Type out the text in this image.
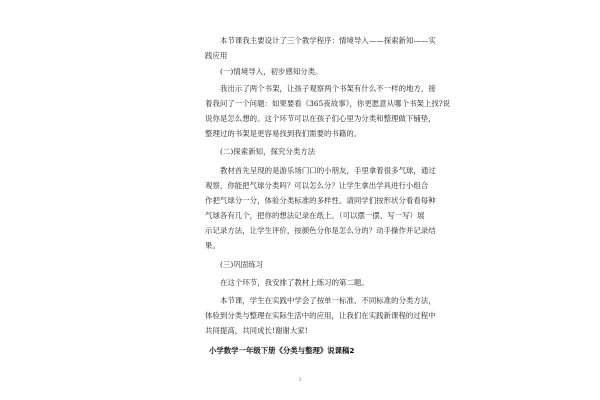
本节课我主要设计了三个教学程序：情境导入——探索新知——实
践应用
(一)情境导入，初步感知分类。
我出示了两个书架，让孩子观察两个书架有什么不一样的地方，接
着我问了一个问题：如果要看《365夜故事》，你更愿意从哪个书架上找?说
说你是怎么想的。这个环节可以在孩子们心里为分类和整理做下铺垫，
整理过的书架是更容易找到我们需要的书籍的。
(二)探索新知，探究分类方法
教材首先呈现的是游乐场门口的小朋友，手里拿着很多气球，通过
观察，你能把气球分类吗？可以怎么分？让学生拿出学具进行小组合
作把气球分一分，体验分类标准的多样性。请同学们按形状分看看每种
气球各有几个，把你的想法记录在纸上。（可以摆一摆、写一写）展
示记录方法，让学生评价，按颜色分你是怎么分的？动手操作并记录结
果。
(三)巩固练习
在这个环节，我安排了教材上练习的第二题。
本节课，学生在实践中学会了按单一标准、不同标准的分类方法，
体验到分类与整理在实际生活中的应用，让我们在实践新课程的过程中
共同提高，共同成长!谢谢大家!
小学数学一年级下册《分类与整理》说课稿2
3
